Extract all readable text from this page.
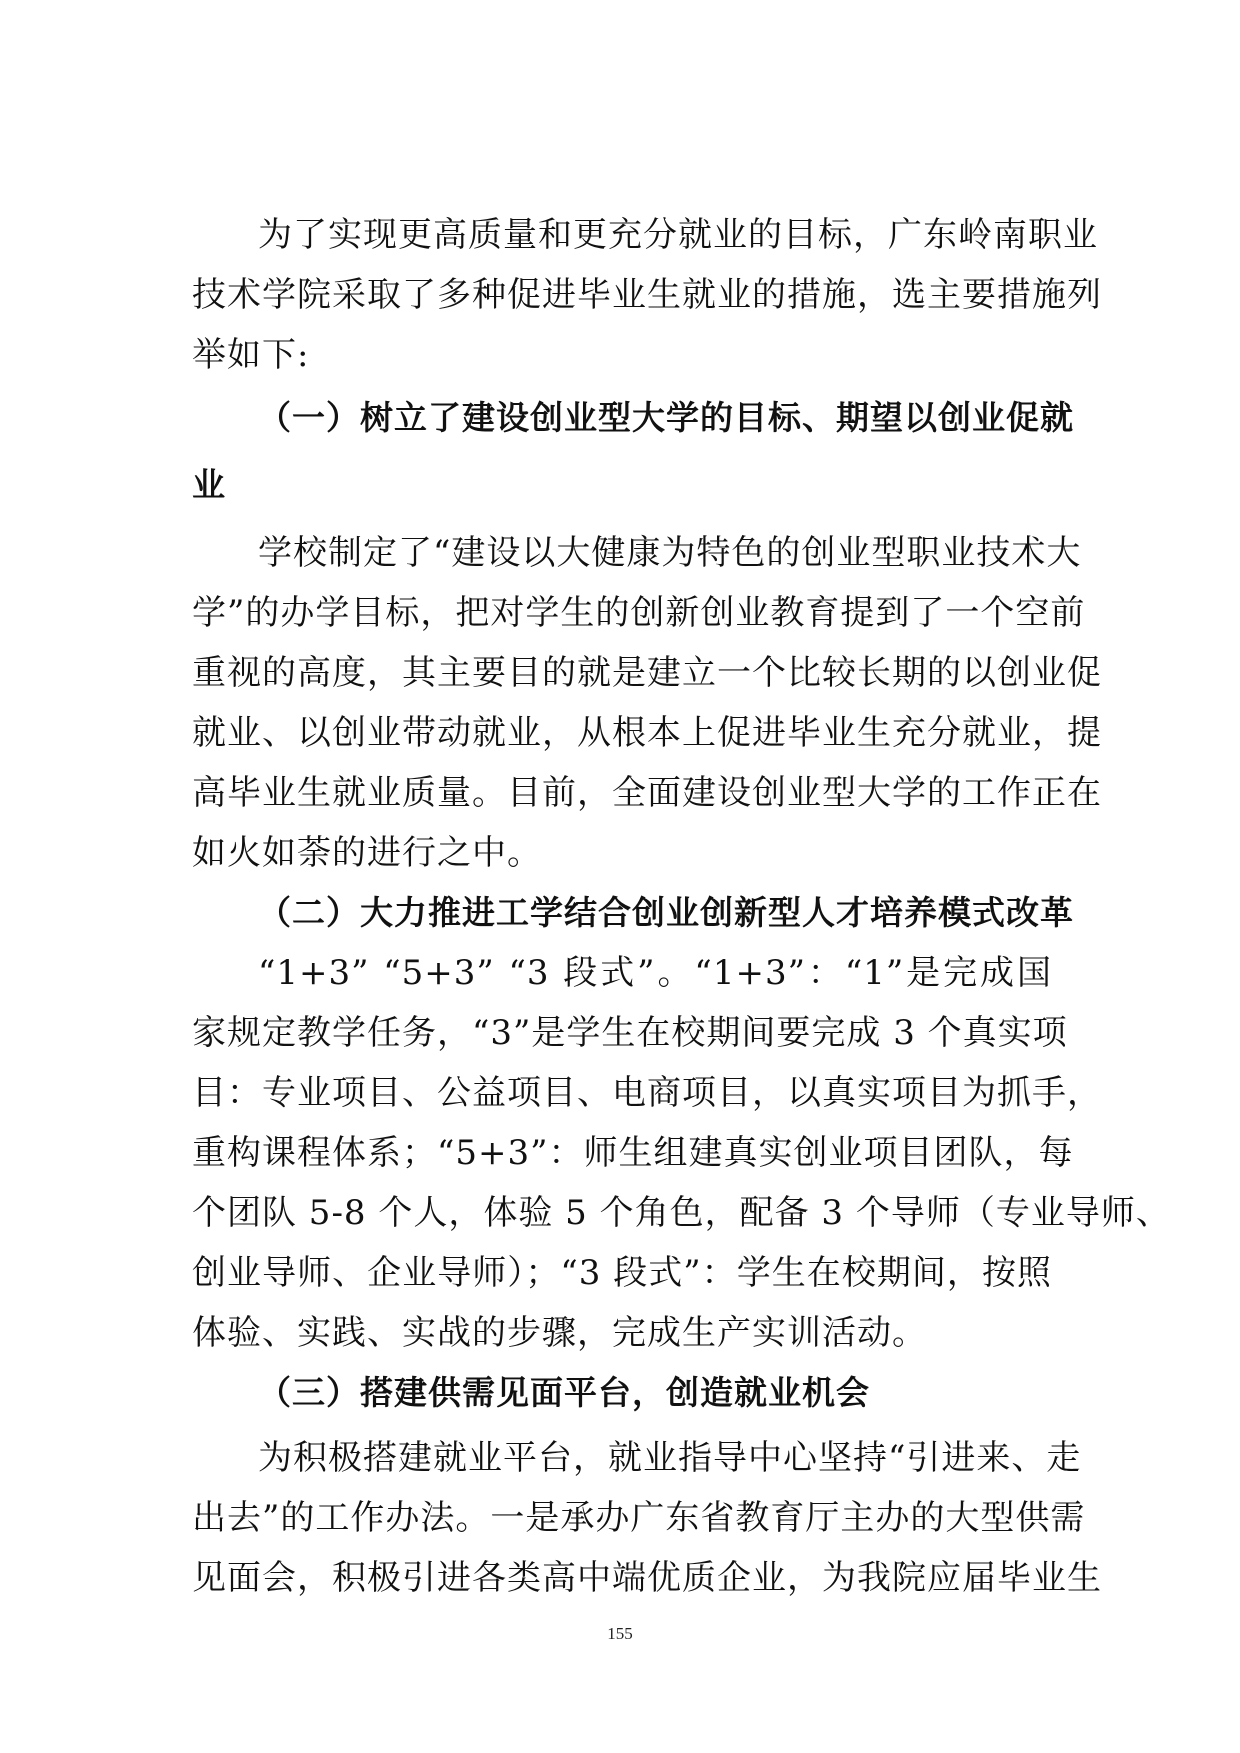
为了实现更高质量和更充分就业的目标，广东岭南职业
技术学院采取了多种促进毕业生就业的措施，选主要措施列
举如下:
（一）树立了建设创业型大学的目标、期望以创业促就
业
学校制定了“建设以大健康为特色的创业型职业技术大
学”的办学目标，把对学生的创新创业教育提到了一个空前
重视的高度，其主要目的就是建立一个比较长期的以创业促
就业、以创业带动就业，从根本上促进毕业生充分就业，提
高毕业生就业质量。目前，全面建设创业型大学的工作正在
如火如荼的进行之中。
（二）大力推进工学结合创业创新型人才培养模式改革
“1+3” “5+3” “3 段式”。“1+3”：“1”是完成国
家规定教学任务，“3”是学生在校期间要完成 3 个真实项
目：专业项目、公益项目、电商项目，以真实项目为抓手，
重构课程体系；“5+3”：师生组建真实创业项目团队，每
个团队 5-8 个人，体验 5 个角色，配备 3 个导师（专业导师、
创业导师、企业导师）；“3 段式”：学生在校期间，按照
体验、实践、实战的步骤，完成生产实训活动。
（三）搭建供需见面平台，创造就业机会
为积极搭建就业平台，就业指导中心坚持“引进来、走
出去”的工作办法。一是承办广东省教育厅主办的大型供需
见面会，积极引进各类高中端优质企业，为我院应届毕业生
155
